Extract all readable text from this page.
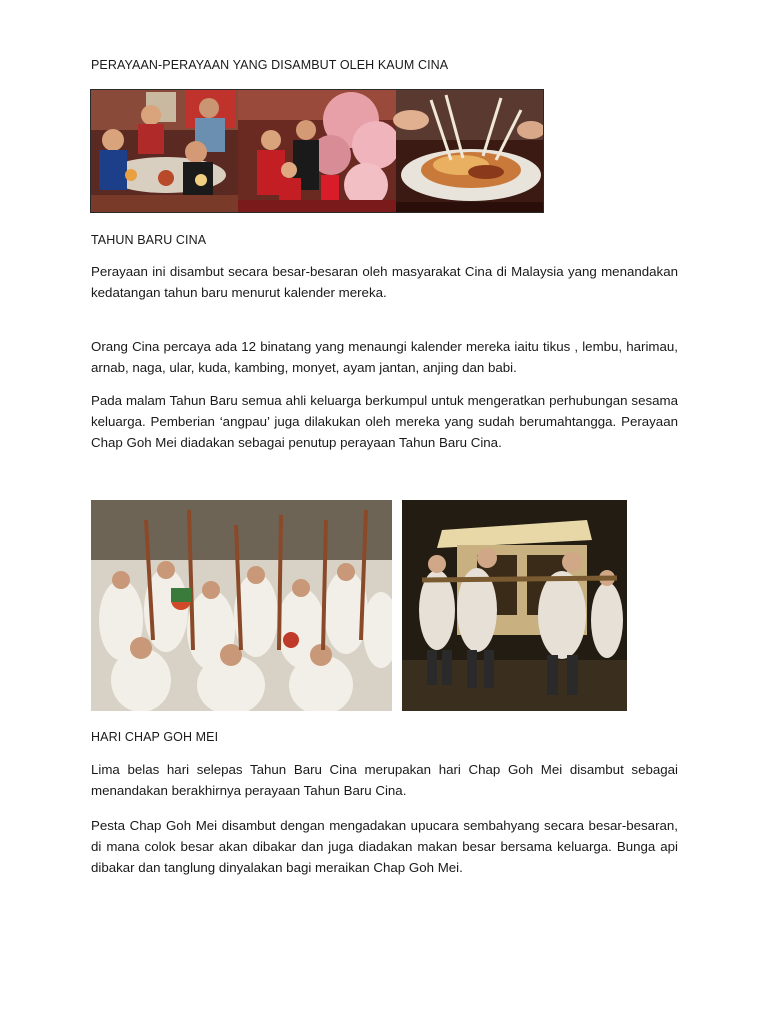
PERAYAAN-PERAYAAN YANG DISAMBUT OLEH KAUM CINA
TAHUN BARU CINA
Perayaan ini disambut secara besar-besaran oleh masyarakat Cina di Malaysia yang menandakan kedatangan tahun baru menurut kalender mereka.
Orang Cina percaya ada 12 binatang yang menaungi kalender mereka iaitu tikus , lembu, harimau, arnab, naga, ular, kuda, kambing, monyet, ayam jantan, anjing dan babi.
Pada malam Tahun Baru semua ahli keluarga berkumpul untuk mengeratkan perhubungan sesama keluarga. Pemberian ‘angpau’ juga dilakukan oleh mereka yang sudah berumahtangga. Perayaan Chap Goh Mei diadakan sebagai penutup perayaan Tahun Baru Cina.
HARI CHAP GOH MEI
Lima belas hari selepas Tahun Baru Cina merupakan hari Chap Goh Mei disambut sebagai menandakan berakhirnya perayaan Tahun Baru Cina.
Pesta Chap Goh Mei disambut dengan mengadakan upucara sembahyang secara besar-besaran, di mana colok besar akan dibakar dan juga diadakan makan besar bersama keluarga. Bunga api dibakar dan tanglung dinyalakan bagi meraikan Chap Goh Mei.
